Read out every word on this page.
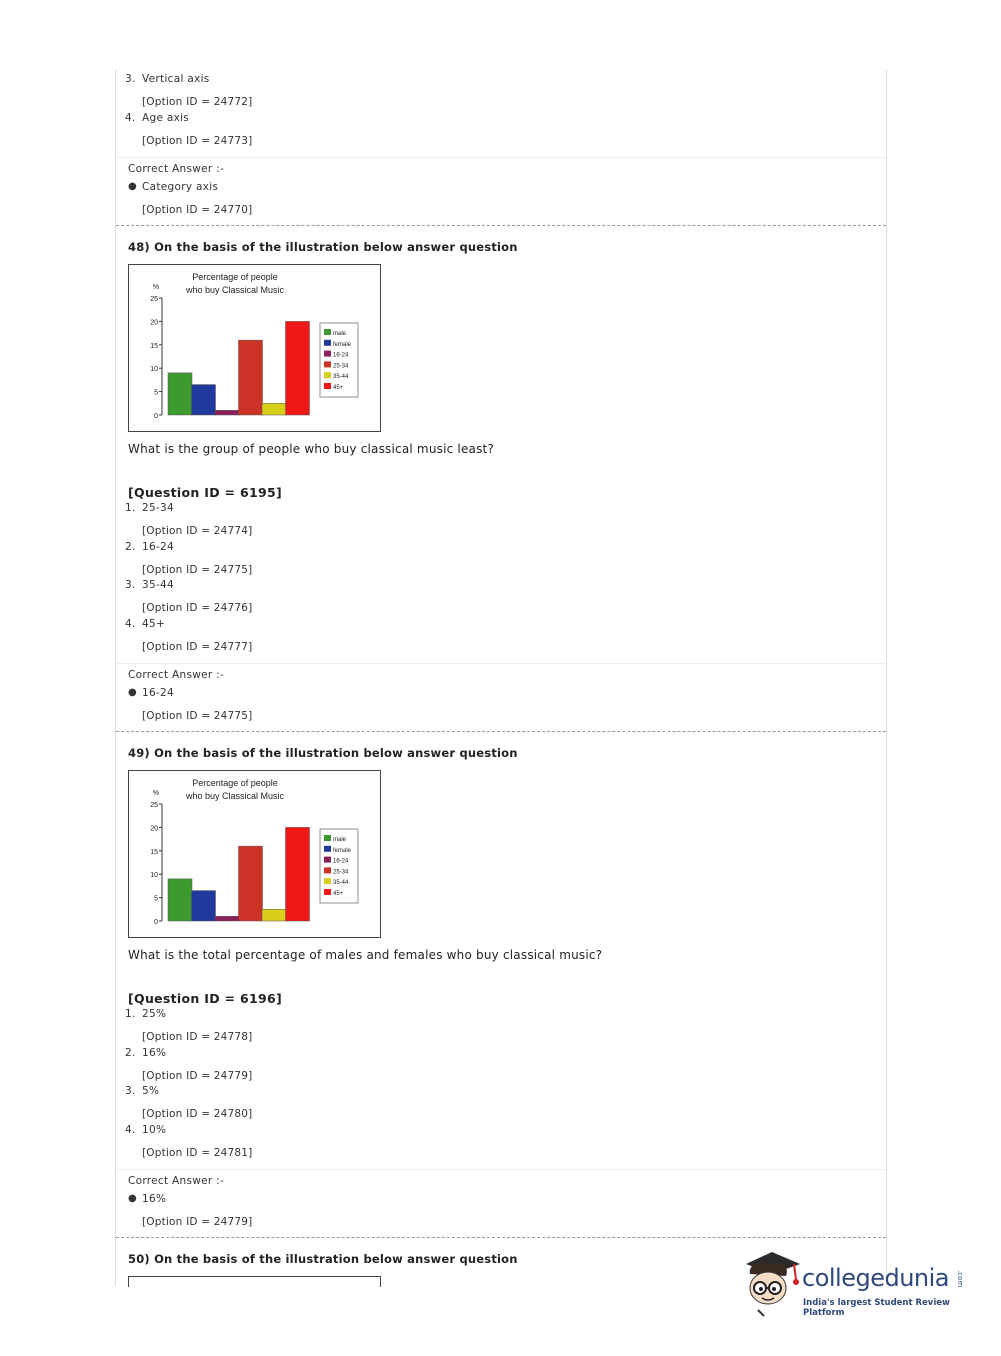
3. Vertical axis
[Option ID = 24772]
4. Age axis
[Option ID = 24773]
Correct Answer :-
● Category axis
[Option ID = 24770]
48) On the basis of the illustration below answer question
Percentage of people
who buy Classical Music
%
0
5
10
15
20
25
male
female
16-24
25-34
35-44
45+
What is the group of people who buy classical music least?
[Question ID = 6195]
1. 25-34
[Option ID = 24774]
2. 16-24
[Option ID = 24775]
3. 35-44
[Option ID = 24776]
4. 45+
[Option ID = 24777]
Correct Answer :-
● 16-24
[Option ID = 24775]
49) On the basis of the illustration below answer question
Percentage of people
who buy Classical Music
%
0
5
10
15
20
25
male
female
16-24
25-34
35-44
45+
What is the total percentage of males and females who buy classical music?
[Question ID = 6196]
1. 25%
[Option ID = 24778]
2. 16%
[Option ID = 24779]
3. 5%
[Option ID = 24780]
4. 10%
[Option ID = 24781]
Correct Answer :-
● 16%
[Option ID = 24779]
50) On the basis of the illustration below answer question
collegedunia .com
India's largest Student Review Platform
